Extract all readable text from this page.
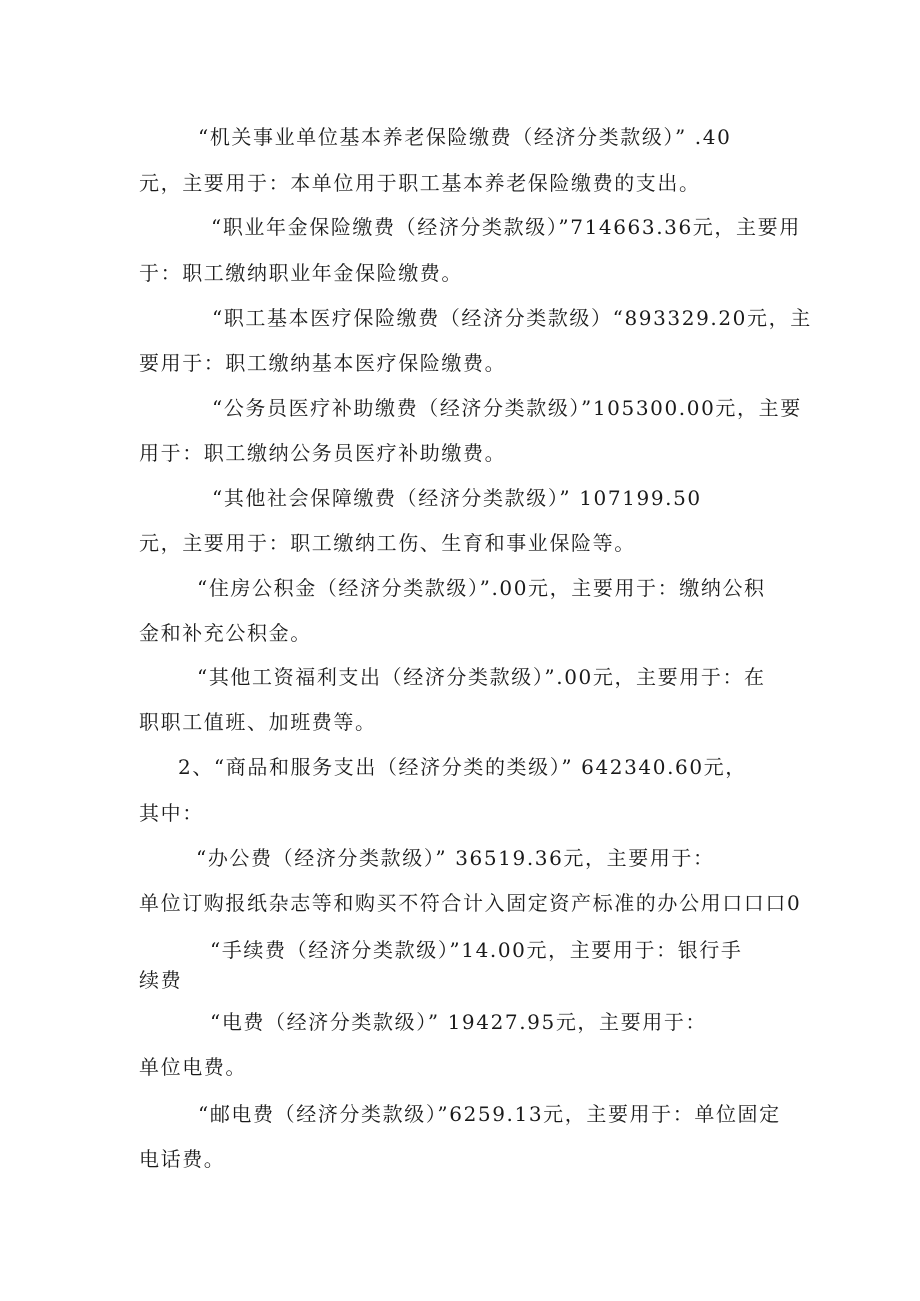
“机关事业单位基本养老保险缴费（经济分类款级）” .40

元，主要用于：本单位用于职工基本养老保险缴费的支出。

“职业年金保险缴费（经济分类款级）”714663.36元，主要用

于：职工缴纳职业年金保险缴费。

“职工基本医疗保险缴费（经济分类款级）“893329.20元，主

要用于：职工缴纳基本医疗保险缴费。

“公务员医疗补助缴费（经济分类款级）”105300.00元，主要

用于：职工缴纳公务员医疗补助缴费。

“其他社会保障缴费（经济分类款级）” 107199.50

元，主要用于：职工缴纳工伤、生育和事业保险等。

“住房公积金（经济分类款级）”.00元，主要用于：缴纳公积

金和补充公积金。

“其他工资福利支出（经济分类款级）”.00元，主要用于：在

职职工值班、加班费等。

2、“商品和服务支出（经济分类的类级）” 642340.60元，

其中：

“办公费（经济分类款级）” 36519.36元，主要用于：

单位订购报纸杂志等和购买不符合计入固定资产标准的办公用口口口0

“手续费（经济分类款级）”14.00元，主要用于：银行手

续费

“电费（经济分类款级）” 19427.95元，主要用于：

单位电费。

“邮电费（经济分类款级）”6259.13元，主要用于：单位固定

电话费。
